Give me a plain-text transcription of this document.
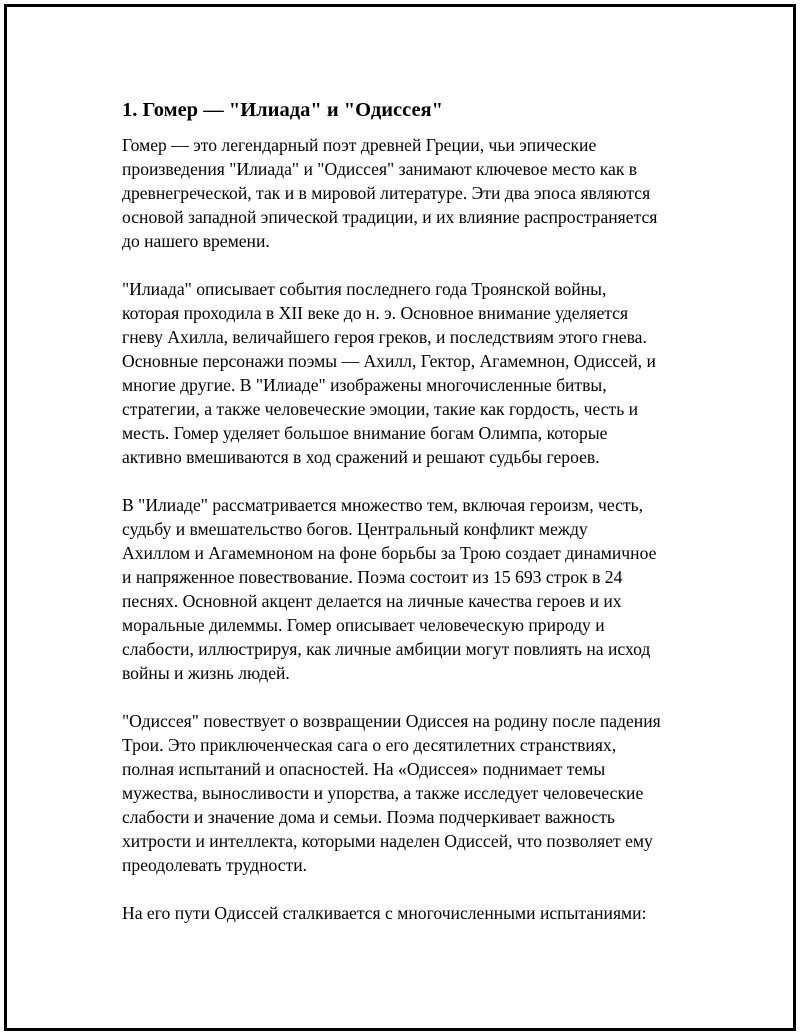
1. Гомер — "Илиада" и "Одиссея"
Гомер — это легендарный поэт древней Греции, чьи эпические
произведения "Илиада" и "Одиссея" занимают ключевое место как в
древнегреческой, так и в мировой литературе. Эти два эпоса являются
основой западной эпической традиции, и их влияние распространяется
до нашего времени.
"Илиада" описывает события последнего года Троянской войны,
которая проходила в XII веке до н. э. Основное внимание уделяется
гневу Ахилла, величайшего героя греков, и последствиям этого гнева.
Основные персонажи поэмы — Ахилл, Гектор, Агамемнон, Одиссей, и
многие другие. В "Илиаде" изображены многочисленные битвы,
стратегии, а также человеческие эмоции, такие как гордость, честь и
месть. Гомер уделяет большое внимание богам Олимпа, которые
активно вмешиваются в ход сражений и решают судьбы героев.
В "Илиаде" рассматривается множество тем, включая героизм, честь,
судьбу и вмешательство богов. Центральный конфликт между
Ахиллом и Агамемноном на фоне борьбы за Трою создает динамичное
и напряженное повествование. Поэма состоит из 15 693 строк в 24
песнях. Основной акцент делается на личные качества героев и их
моральные дилеммы. Гомер описывает человеческую природу и
слабости, иллюстрируя, как личные амбиции могут повлиять на исход
войны и жизнь людей.
"Одиссея" повествует о возвращении Одиссея на родину после падения
Трои. Это приключенческая сага о его десятилетних странствиях,
полная испытаний и опасностей. На «Одиссея» поднимает темы
мужества, выносливости и упорства, а также исследует человеческие
слабости и значение дома и семьи. Поэма подчеркивает важность
хитрости и интеллекта, которыми наделен Одиссей, что позволяет ему
преодолевать трудности.
На его пути Одиссей сталкивается с многочисленными испытаниями:
